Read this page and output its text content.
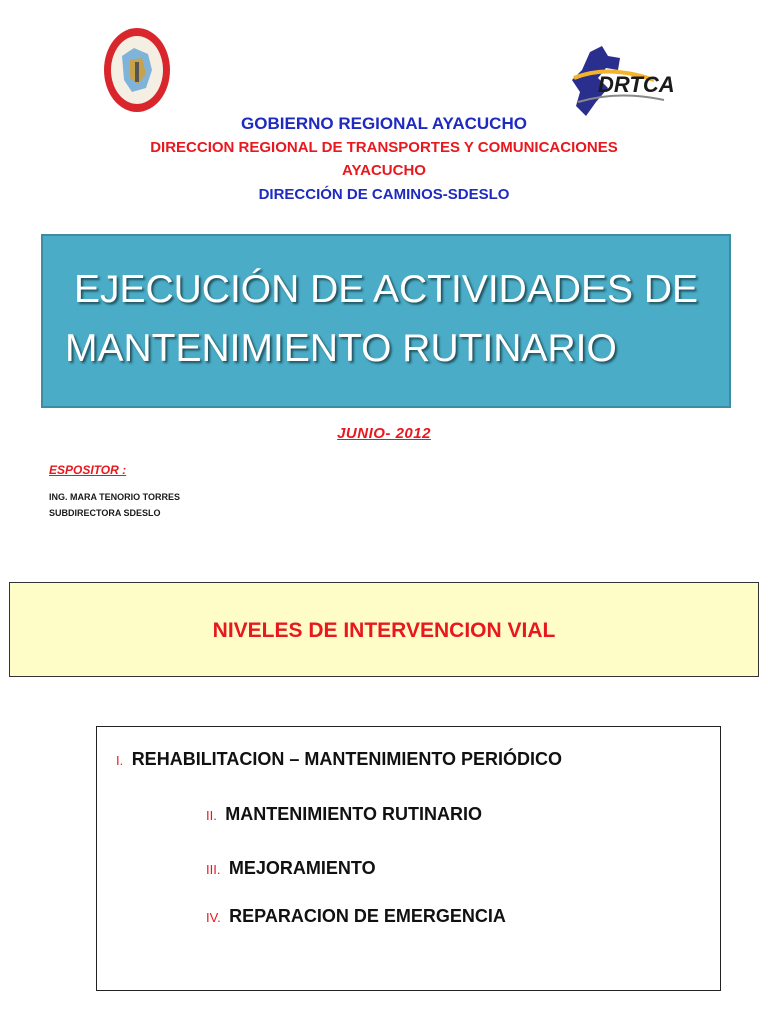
DRTCA
GOBIERNO REGIONAL AYACUCHO
DIRECCION REGIONAL DE TRANSPORTES Y COMUNICACIONES
AYACUCHO
DIRECCIÓN DE CAMINOS-SDESLO
EJECUCIÓN DE ACTIVIDADES DE
MANTENIMIENTO RUTINARIO
JUNIO- 2012
ESPOSITOR :
ING. MARA TENORIO TORRES
SUBDIRECTORA SDESLO
NIVELES DE INTERVENCION VIAL
I. REHABILITACION – MANTENIMIENTO PERIÓDICO
II. MANTENIMIENTO RUTINARIO
III. MEJORAMIENTO
IV. REPARACION DE EMERGENCIA
